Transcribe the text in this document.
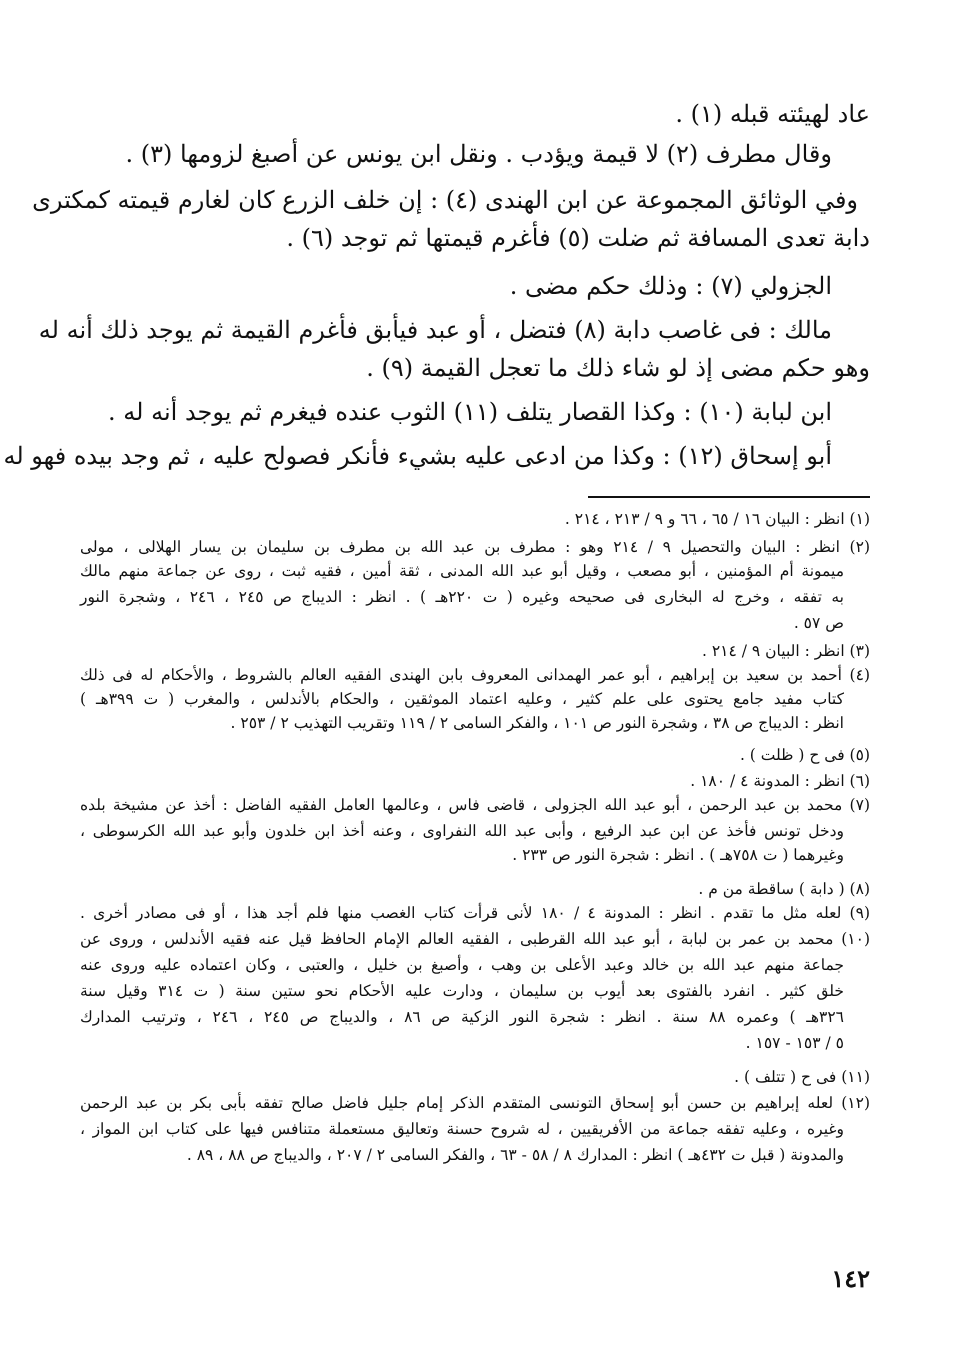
عاد لهيئته قبله (١) .
وقال مطرف (٢) لا قيمة ويؤدب . ونقل ابن يونس عن أصبغ لزومها (٣) .
وفي الوثائق المجموعة عن ابن الهندى (٤) : إن خلف الزرع كان لغارم قيمته كمكترى
دابة تعدى المسافة ثم ضلت (٥) فأغرم قيمتها ثم توجد (٦) .
الجزولي (٧) : وذلك حكم مضى .
مالك : فى غاصب دابة (٨) فتضل ، أو عبد فيأبق فأغرم القيمة ثم يوجد ذلك أنه له
وهو حكم مضى إذ لو شاء ذلك ما تعجل القيمة (٩) .
ابن لبابة (١٠) : وكذا القصار يتلف (١١) الثوب عنده فيغرم ثم يوجد أنه له .
أبو إسحاق (١٢) : وكذا من ادعى عليه بشيء فأنكر فصولح عليه ، ثم وجد بيده فهو له
(١) انظر : البيان ١٦ / ٦٥ ، ٦٦ و ٩ / ٢١٣ ، ٢١٤ .
(٢) انظر : البيان والتحصيل ٩ / ٢١٤ وهو : مطرف بن عبد الله بن مطرف بن سليمان بن يسار الهلالى ، مولى
ميمونة أم المؤمنين ، أبو مصعب ، وقيل أبو عبد الله المدنى ، ثقة أمين ، فقيه ثبت ، روى عن جماعة منهم مالك
به تفقه ، وخرج له البخارى فى صحيحه وغيره ( ت ٢٢٠هـ ) . انظر : الديباج ص ٢٤٥ ، ٢٤٦ ، وشجرة النور
ص ٥٧ .
(٣) انظر : البيان ٩ / ٢١٤ .
(٤) أحمد بن سعيد بن إبراهيم ، أبو عمر الهمدانى المعروف بابن الهندى الفقيه العالم بالشروط ، والأحكام له فى ذلك
كتاب مفيد جامع يحتوى على علم كثير ، وعليه اعتماد الموثقين ، والحكام بالأندلس ، والمغرب ( ت ٣٩٩هـ )
انظر : الديباج ص ٣٨ ، وشجرة النور ص ١٠١ ، والفكر السامى ٢ / ١١٩ وتقريب التهذيب ٢ / ٢٥٣ .
(٥) فى ح ( ظلت ) .
(٦) انظر : المدونة ٤ / ١٨٠ .
(٧) محمد بن عبد الرحمن ، أبو عبد الله الجزولى ، قاضى فاس ، وعالمها العامل الفقيه الفاضل : أخذ عن مشيخة بلده
ودخل تونس فأخذ عن ابن عبد الرفيع ، وأبى عبد الله النفراوى ، وعنه أخذ ابن خلدون وأبو عبد الله الكرسوطى ،
وغيرهما ( ت ٧٥٨هـ ) . انظر : شجرة النور ص ٢٣٣ .
(٨) ( دابة ) ساقطة من م .
(٩) لعله مثل ما تقدم . انظر : المدونة ٤ / ١٨٠ لأنى قرأت كتاب الغصب منها فلم أجد هذا ، أو فى مصادر أخرى .
(١٠) محمد بن عمر بن لبابة ، أبو عبد الله القرطبى ، الفقيه العالم الإمام الحافظ قيل عنه فقيه الأندلس ، وروى عن
جماعة منهم عبد الله بن خالد وعبد الأعلى بن وهب ، وأصبغ بن خليل ، والعتبى ، وكان اعتماده عليه وروى عنه
خلق كثير . انفرد بالفتوى بعد أيوب بن سليمان ، ودارت عليه الأحكام نحو ستين سنة ( ت ٣١٤ وقيل سنة
٣٢٦هـ ) وعمره ٨٨ سنة . انظر : شجرة النور الزكية ص ٨٦ ، والديباج ص ٢٤٥ ، ٢٤٦ ، وترتيب المدارك
٥ / ١٥٣ - ١٥٧ .
(١١) فى ح ( تتلف ) .
(١٢) لعله إبراهيم بن حسن أبو إسحاق التونسى المتقدم الذكر إمام جليل فاضل صالح تفقه بأبى بكر بن عبد الرحمن
وغيره ، وعليه تفقه جماعة من الأفريقيين ، له شروح حسنة وتعاليق مستعملة متنافس فيها على كتاب ابن المواز ،
والمدونة ( قبل ت ٤٣٢هـ ) انظر : المدارك ٨ / ٥٨ - ٦٣ ، والفكر السامى ٢ / ٢٠٧ ، والديباج ص ٨٨ ، ٨٩ .
١٤٢
